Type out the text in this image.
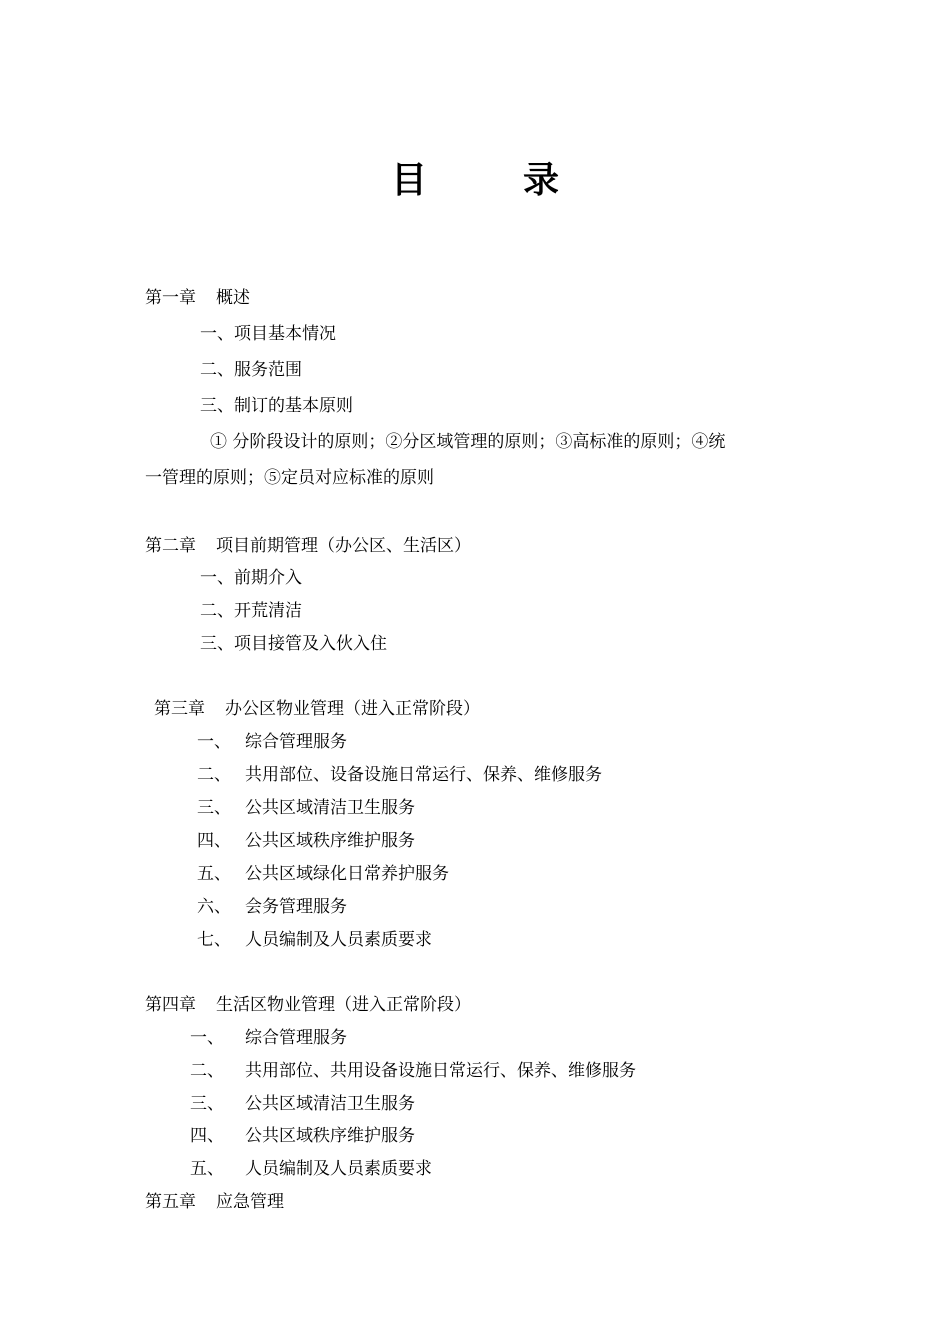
目	录
第一章 概述
一、项目基本情况
二、服务范围
三、制订的基本原则
① 分阶段设计的原则；②分区域管理的原则；③高标准的原则；④统
一管理的原则；⑤定员对应标准的原则
第二章 项目前期管理（办公区、生活区）
一、前期介入
二、开荒清洁
三、项目接管及入伙入住
第三章 办公区物业管理（进入正常阶段）
一、 综合管理服务
二、 共用部位、设备设施日常运行、保养、维修服务
三、 公共区域清洁卫生服务
四、 公共区域秩序维护服务
五、 公共区域绿化日常养护服务
六、 会务管理服务
七、 人员编制及人员素质要求
第四章 生活区物业管理（进入正常阶段）
一、 综合管理服务
二、 共用部位、共用设备设施日常运行、保养、维修服务
三、 公共区域清洁卫生服务
四、 公共区域秩序维护服务
五、 人员编制及人员素质要求
第五章 应急管理
